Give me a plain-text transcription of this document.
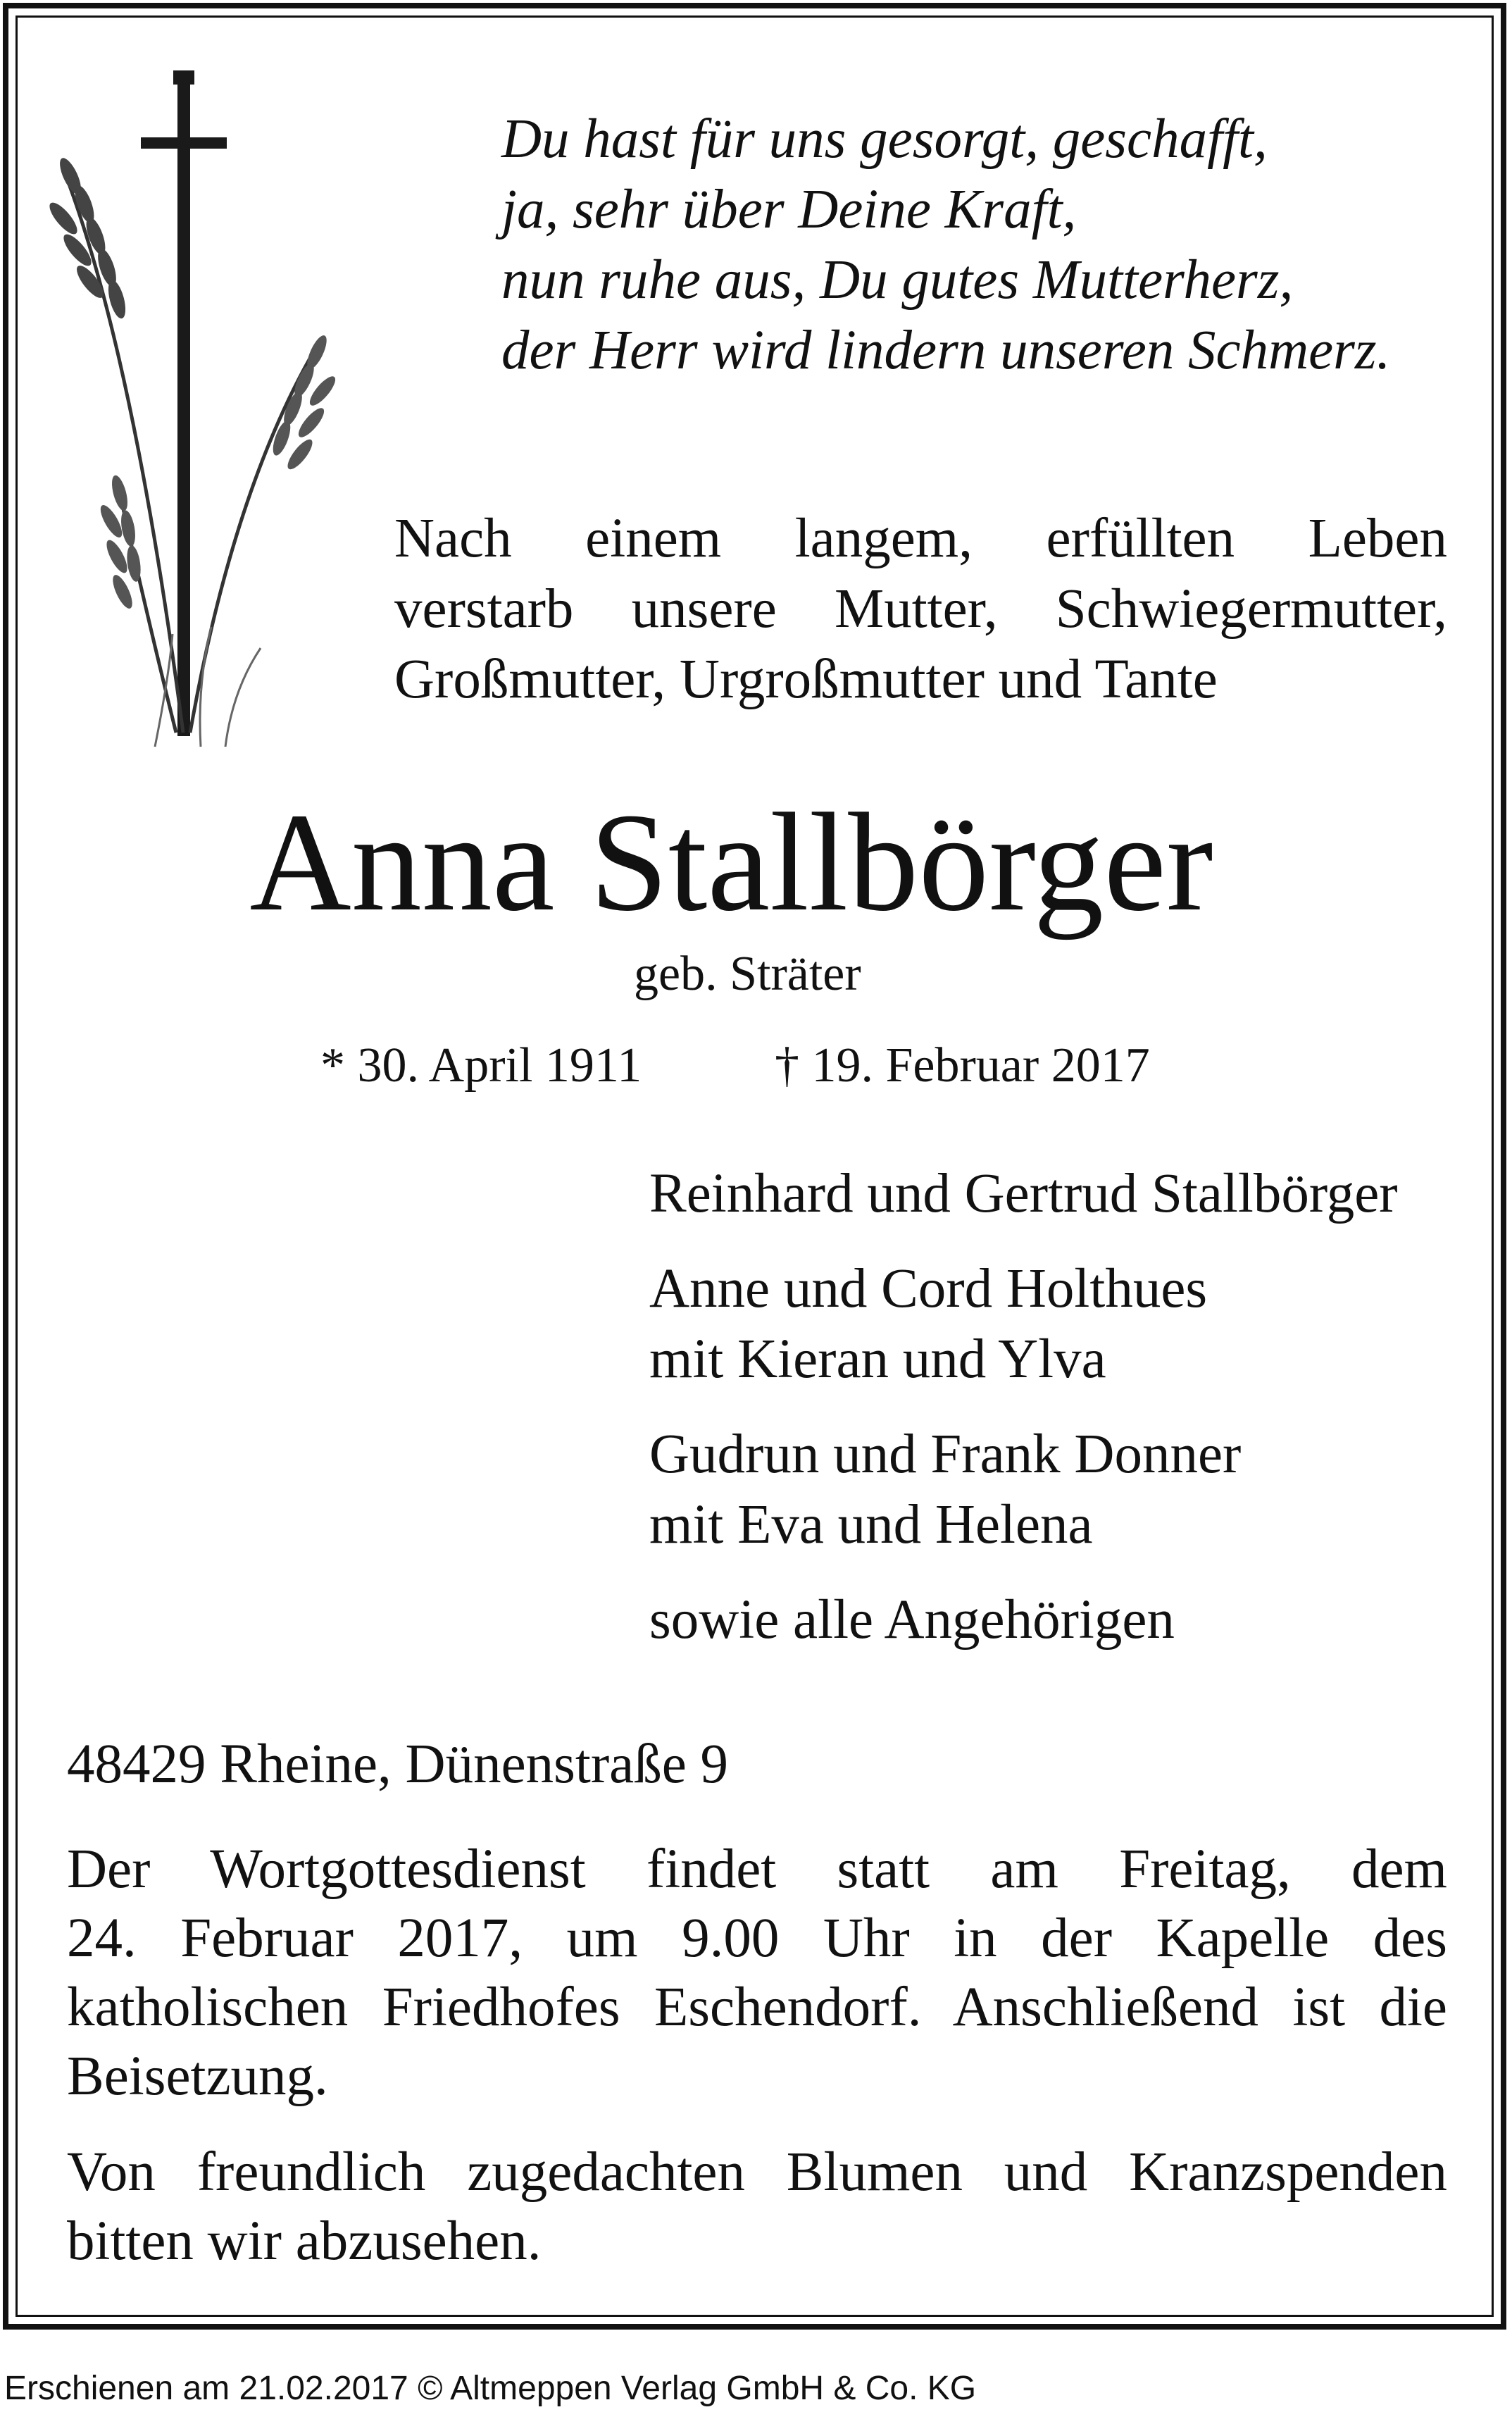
Du hast für uns gesorgt, geschafft,
ja, sehr über Deine Kraft,
nun ruhe aus, Du gutes Mutterherz,
der Herr wird lindern unseren Schmerz.
Nach einem langem, erfüllten Leben
verstarb unsere Mutter, Schwiegermutter,
Großmutter, Urgroßmutter und Tante
Anna Stallbörger
geb. Sträter
* 30. April 1911	† 19. Februar 2017
Reinhard und Gertrud Stallbörger
Anne und Cord Holthues
mit Kieran und Ylva
Gudrun und Frank Donner
mit Eva und Helena
sowie alle Angehörigen
48429 Rheine, Dünenstraße 9
Der Wortgottesdienst findet statt am Freitag, dem
24. Februar 2017, um 9.00 Uhr in der Kapelle des
katholischen Friedhofes Eschendorf. Anschließend ist die
Beisetzung.
Von freundlich zugedachten Blumen und Kranzspenden
bitten wir abzusehen.
Erschienen am 21.02.2017 © Altmeppen Verlag GmbH & Co. KG
